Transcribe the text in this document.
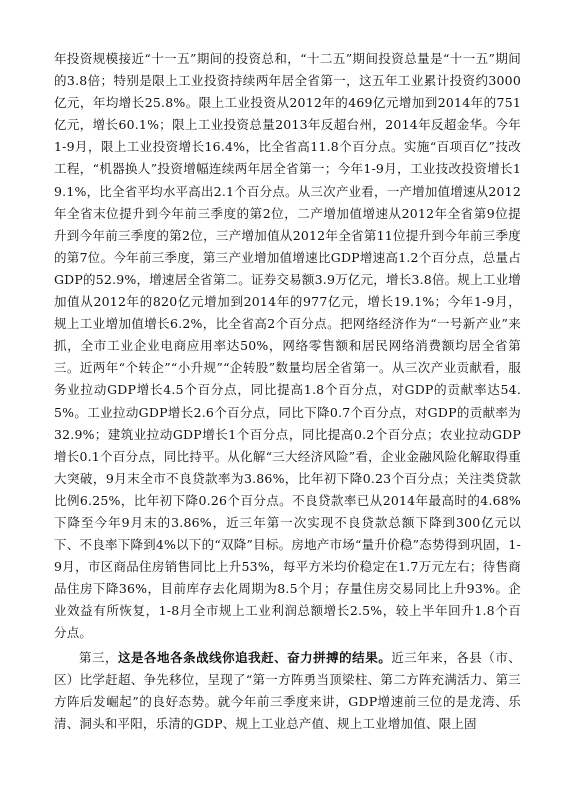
年投资规模接近“十一五”期间的投资总和，“十二五”期间投资总量是“十一五”期间的3.8倍；特别是限上工业投资持续两年居全省第一，这五年工业累计投资约3000亿元，年均增长25.8%。限上工业投资从2012年的469亿元增加到2014年的751亿元，增长60.1%；限上工业投资总量2013年反超台州，2014年反超金华。今年1-9月，限上工业投资增长16.4%，比全省高11.8个百分点。实施“百项百亿”技改工程，“机器换人”投资增幅连续两年居全省第一；今年1-9月，工业技改投资增长19.1%，比全省平均水平高出2.1个百分点。从三次产业看，一产增加值增速从2012年全省末位提升到今年前三季度的第2位，二产增加值增速从2012年全省第9位提升到今年前三季度的第2位，三产增加值从2012年全省第11位提升到今年前三季度的第7位。今年前三季度，第三产业增加值增速比GDP增速高1.2个百分点，总量占GDP的52.9%，增速居全省第二。证券交易额3.9万亿元，增长3.8倍。规上工业增加值从2012年的820亿元增加到2014年的977亿元，增长19.1%；今年1-9月，规上工业增加值增长6.2%，比全省高2个百分点。把网络经济作为“一号新产业”来抓，全市工业企业电商应用率达50%，网络零售额和居民网络消费额均居全省第三。近两年“个转企”“小升规”“企转股”数量均居全省第一。从三次产业贡献看，服务业拉动GDP增长4.5个百分点，同比提高1.8个百分点，对GDP的贡献率达54.5%。工业拉动GDP增长2.6个百分点，同比下降0.7个百分点，对GDP的贡献率为32.9%；建筑业拉动GDP增长1个百分点，同比提高0.2个百分点；农业拉动GDP增长0.1个百分点，同比持平。从化解“三大经济风险”看，企业金融风险化解取得重大突破，9月末全市不良贷款率为3.86%，比年初下降0.23个百分点；关注类贷款比例6.25%，比年初下降0.26个百分点。不良贷款率已从2014年最高时的4.68%下降至今年9月末的3.86%，近三年第一次实现不良贷款总额下降到300亿元以下、不良率下降到4%以下的“双降”目标。房地产市场“量升价稳”态势得到巩固，1-9月，市区商品住房销售同比上升53%，每平方米均价稳定在1.7万元左右；待售商品住房下降36%，目前库存去化周期为8.5个月；存量住房交易同比上升93%。企业效益有所恢复，1-8月全市规上工业利润总额增长2.5%，较上半年回升1.8个百分点。

第三，这是各地各条战线你追我赶、奋力拼搏的结果。近三年来，各县（市、区）比学赶超、争先移位，呈现了“第一方阵勇当顶梁柱、第二方阵充满活力、第三方阵后发崛起”的良好态势。就今年前三季度来讲，GDP增速前三位的是龙湾、乐清、洞头和平阳，乐清的GDP、规上工业总产值、规上工业增加值、限上固
